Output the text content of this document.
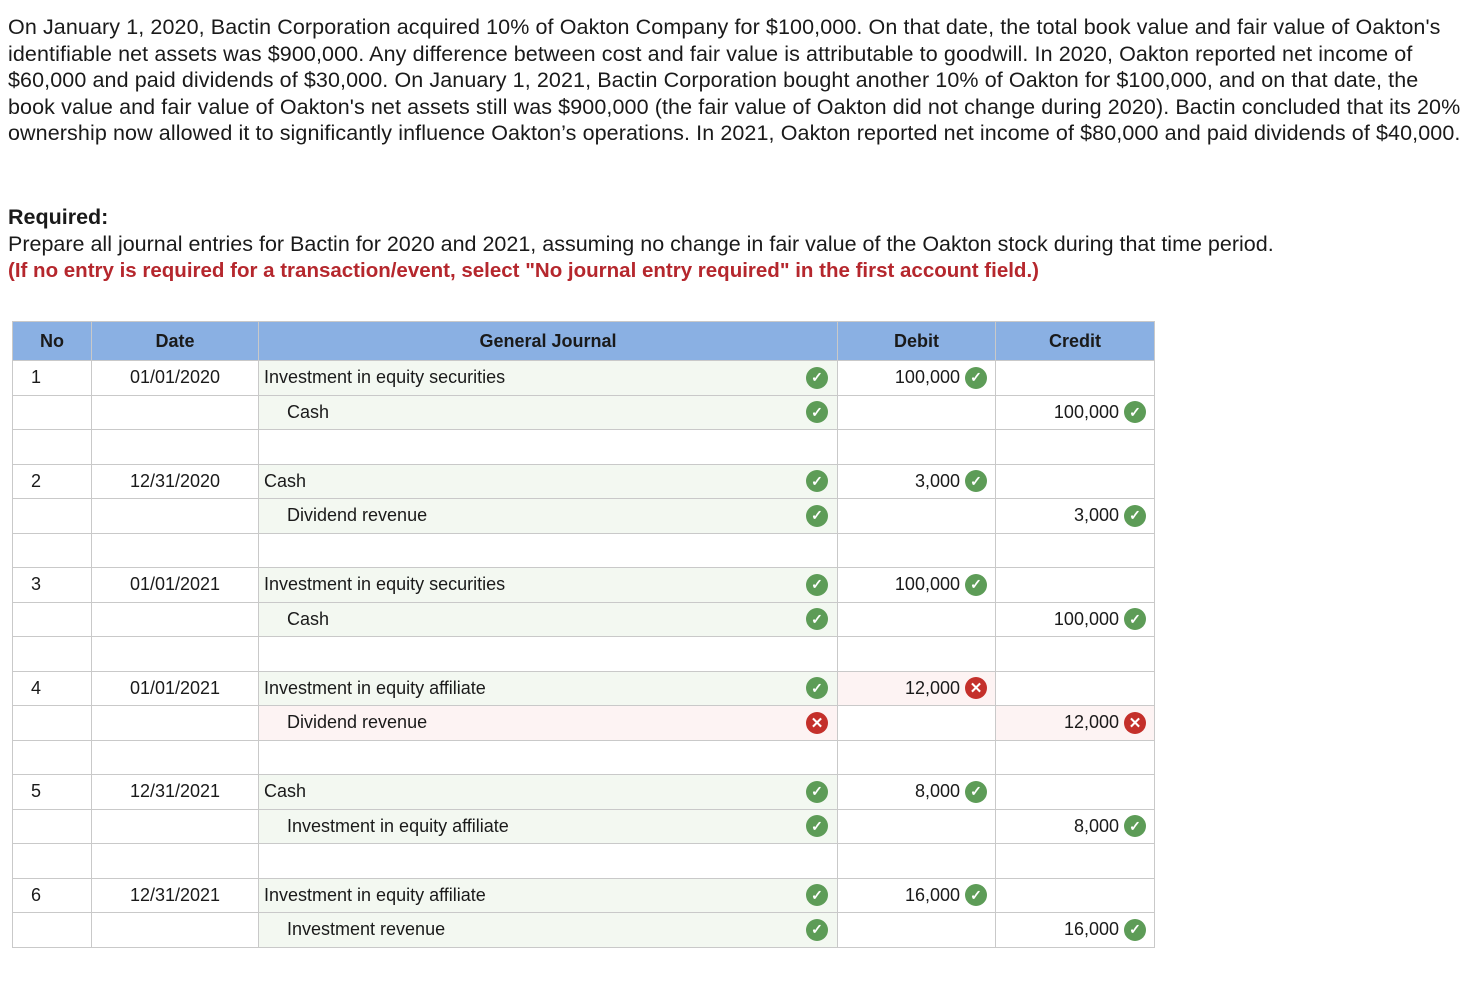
On January 1, 2020, Bactin Corporation acquired 10% of Oakton Company for $100,000. On that date, the total book value and fair value of Oakton's identifiable net assets was $900,000. Any difference between cost and fair value is attributable to goodwill. In 2020, Oakton reported net income of $60,000 and paid dividends of $30,000. On January 1, 2021, Bactin Corporation bought another 10% of Oakton for $100,000, and on that date, the book value and fair value of Oakton's net assets still was $900,000 (the fair value of Oakton did not change during 2020). Bactin concluded that its 20% ownership now allowed it to significantly influence Oakton’s operations. In 2021, Oakton reported net income of $80,000 and paid dividends of $40,000.
Required:
Prepare all journal entries for Bactin for 2020 and 2021, assuming no change in fair value of the Oakton stock during that time period.
(If no entry is required for a transaction/event, select "No journal entry required" in the first account field.)
No	Date	General Journal	Debit	Credit
1	01/01/2020	Investment in equity securities ✓	100,000 ✓	

		Cash ✓		100,000 ✓

2	12/31/2020	Cash ✓	3,000 ✓	

		Dividend revenue ✓		3,000 ✓

3	01/01/2021	Investment in equity securities ✓	100,000 ✓	

		Cash ✓		100,000 ✓

4	01/01/2021	Investment in equity affiliate ✓	12,000 ✕	

		Dividend revenue ✕		12,000 ✕

5	12/31/2021	Cash ✓	8,000 ✓	

		Investment in equity affiliate ✓		8,000 ✓

6	12/31/2021	Investment in equity affiliate ✓	16,000 ✓	

		Investment revenue ✓		16,000 ✓
